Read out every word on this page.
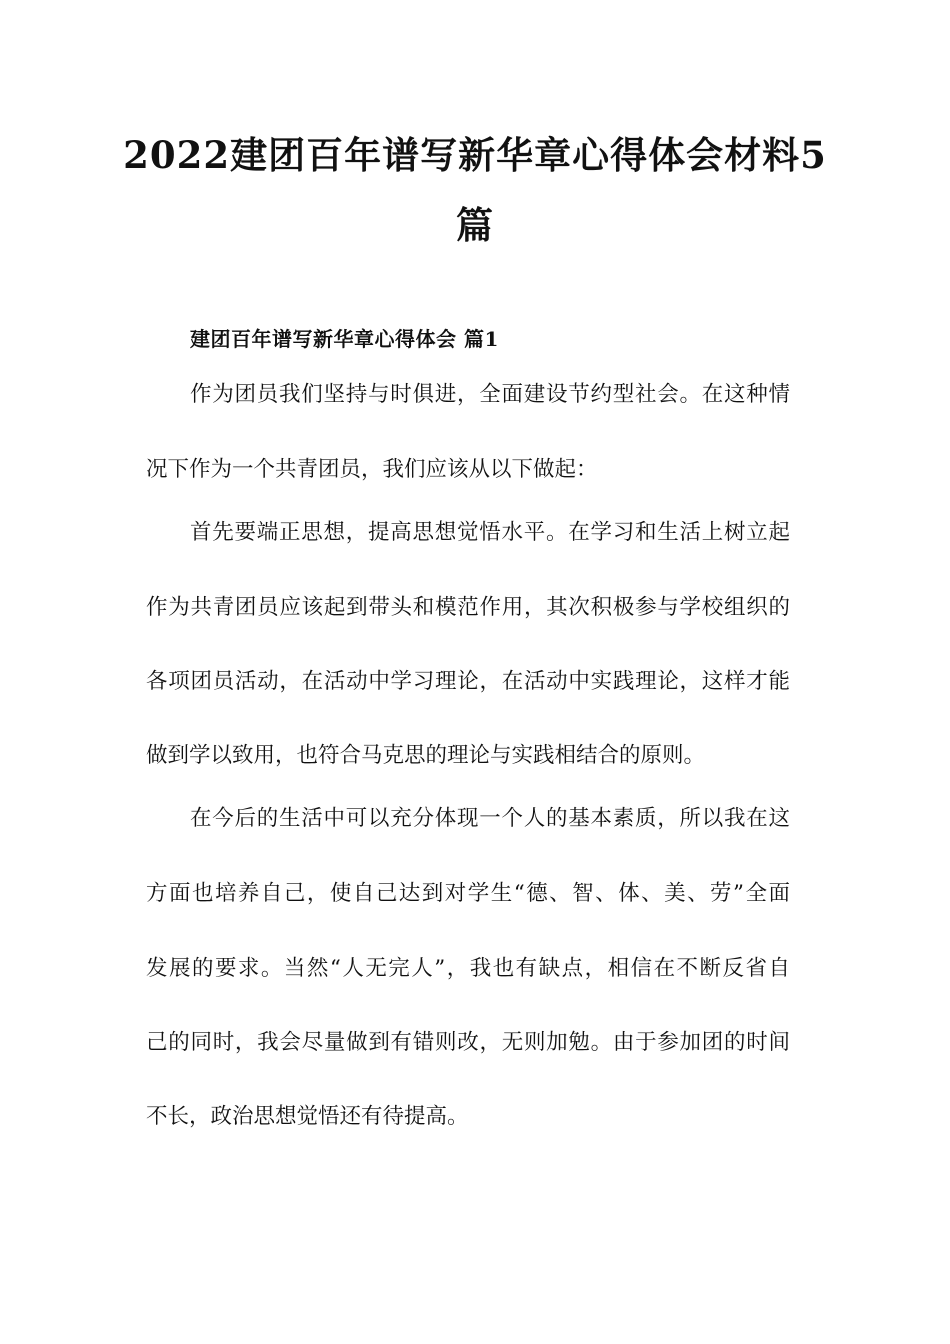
2022建团百年谱写新华章心得体会材料5
篇
建团百年谱写新华章心得体会 篇1

作为团员我们坚持与时俱进，全面建设节约型社会。在这种情

况下作为一个共青团员，我们应该从以下做起：

首先要端正思想，提高思想觉悟水平。在学习和生活上树立起

作为共青团员应该起到带头和模范作用，其次积极参与学校组织的

各项团员活动，在活动中学习理论，在活动中实践理论，这样才能

做到学以致用，也符合马克思的理论与实践相结合的原则。

在今后的生活中可以充分体现一个人的基本素质，所以我在这

方面也培养自己，使自己达到对学生“德、智、体、美、劳”全面

发展的要求。当然“人无完人”，我也有缺点，相信在不断反省自

己的同时，我会尽量做到有错则改，无则加勉。由于参加团的时间

不长，政治思想觉悟还有待提高。
